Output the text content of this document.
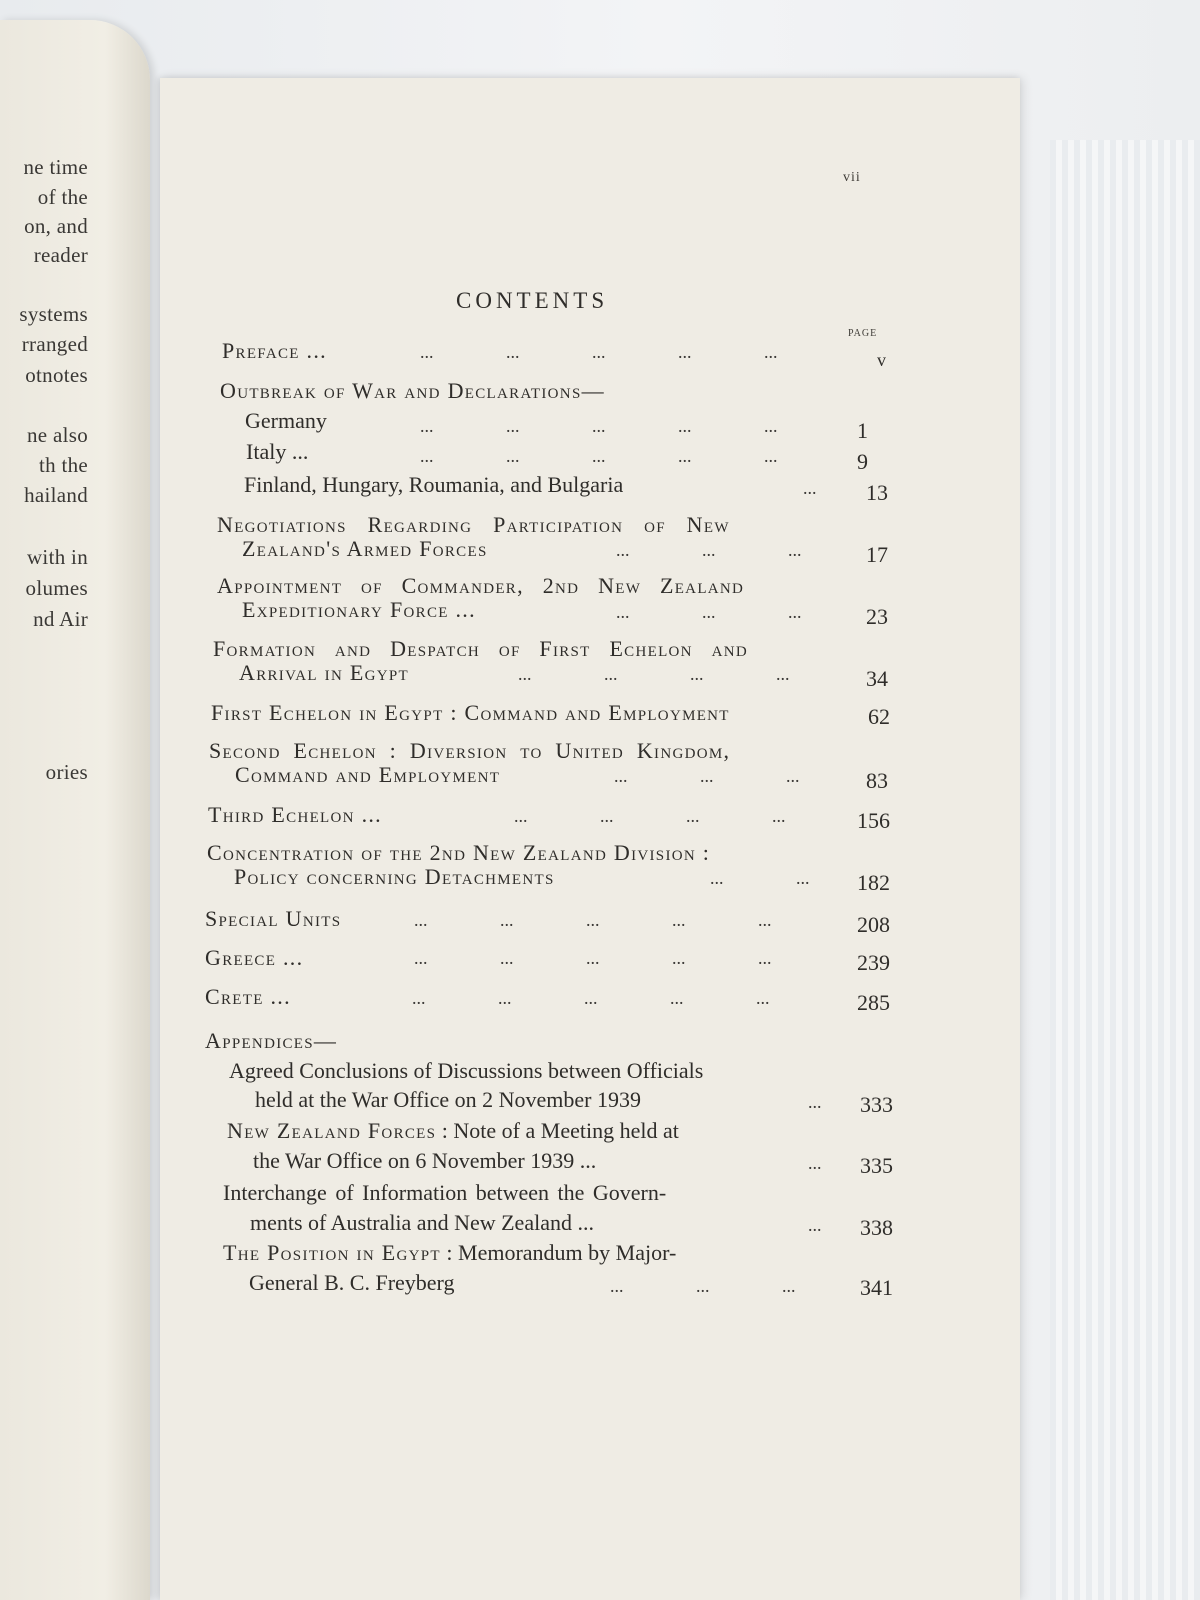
ne time
of the
on, and
reader
systems
rranged
otnotes
ne also
th the
hailand
with in
olumes
nd Air
ories
vii
CONTENTS
PAGE
Preface ...	... ... ... ... ...	v
Outbreak of War and Declarations—
Germany	... ... ... ... ...	1
Italy ...	... ... ... ... ...	9
Finland, Hungary, Roumania, and Bulgaria	...	13
Negotiations Regarding Participation of New
Zealand's Armed Forces	... ... ...	17
Appointment of Commander, 2nd New Zealand
Expeditionary Force ...	... ... ...	23
Formation and Despatch of First Echelon and
Arrival in Egypt	... ... ... ...	34
First Echelon in Egypt : Command and Employment	62
Second Echelon : Diversion to United Kingdom,
Command and Employment	... ... ...	83
Third Echelon ...	... ... ... ...	156
Concentration of the 2nd New Zealand Division :
Policy concerning Detachments	... ...	182
Special Units	... ... ... ... ...	208
Greece ...	... ... ... ... ...	239
Crete ...	... ... ... ... ...	285
Appendices—
Agreed Conclusions of Discussions between Officials
held at the War Office on 2 November 1939	...	333
New Zealand Forces : Note of a Meeting held at
the War Office on 6 November 1939 ...	...	335
Interchange of Information between the Govern-
ments of Australia and New Zealand ...	...	338
The Position in Egypt : Memorandum by Major-
General B. C. Freyberg	... ... ...	341
